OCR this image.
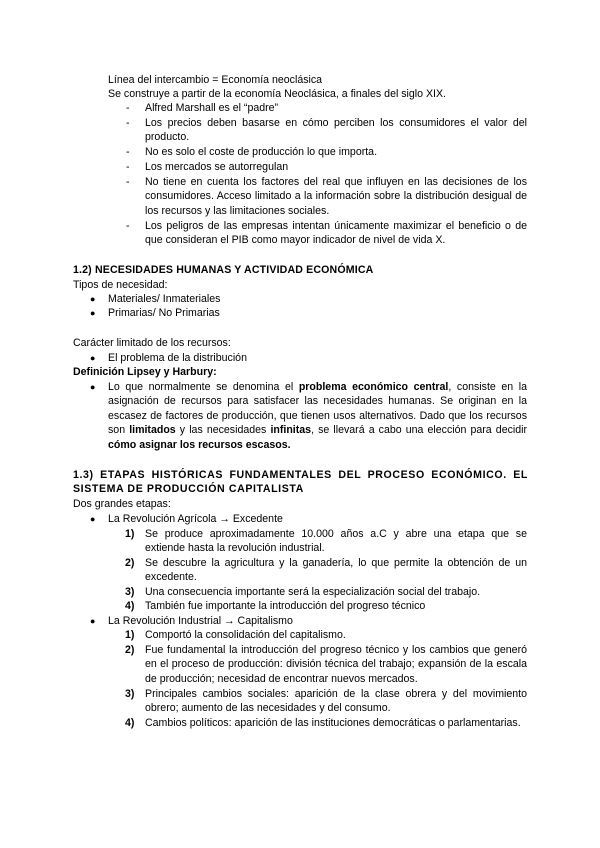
Línea del intercambio = Economía neoclásica
Se construye a partir de la economía Neoclásica, a finales del siglo XIX.
- Alfred Marshall es el “padre”
- Los precios deben basarse en cómo perciben los consumidores el valor del producto.
- No es solo el coste de producción lo que importa.
- Los mercados se autorregulan
- No tiene en cuenta los factores del real que influyen en las decisiones de los consumidores. Acceso limitado a la información sobre la distribución desigual de los recursos y las limitaciones sociales.
- Los peligros de las empresas intentan únicamente maximizar el beneficio o de que consideran el PIB como mayor indicador de nivel de vida X.
1.2) NECESIDADES HUMANAS Y ACTIVIDAD ECONÓMICA
Tipos de necesidad:
● Materiales/ Inmateriales
● Primarias/ No Primarias
Carácter limitado de los recursos:
● El problema de la distribución
Definición Lipsey y Harbury:
● Lo que normalmente se denomina el problema económico central, consiste en la asignación de recursos para satisfacer las necesidades humanas. Se originan en la escasez de factores de producción, que tienen usos alternativos. Dado que los recursos son limitados y las necesidades infinitas, se llevará a cabo una elección para decidir cómo asignar los recursos escasos.
1.3) ETAPAS HISTÓRICAS FUNDAMENTALES DEL PROCESO ECONÓMICO. EL SISTEMA DE PRODUCCIÓN CAPITALISTA
Dos grandes etapas:
● La Revolución Agrícola → Excedente
1) Se produce aproximadamente 10.000 años a.C y abre una etapa que se extiende hasta la revolución industrial.
2) Se descubre la agricultura y la ganadería, lo que permite la obtención de un excedente.
3) Una consecuencia importante será la especialización social del trabajo.
4) También fue importante la introducción del progreso técnico
● La Revolución Industrial → Capitalismo
1) Comportó la consolidación del capitalismo.
2) Fue fundamental la introducción del progreso técnico y los cambios que generó en el proceso de producción: división técnica del trabajo; expansión de la escala de producción; necesidad de encontrar nuevos mercados.
3) Principales cambios sociales: aparición de la clase obrera y del movimiento obrero; aumento de las necesidades y del consumo.
4) Cambios políticos: aparición de las instituciones democráticas o parlamentarias.
